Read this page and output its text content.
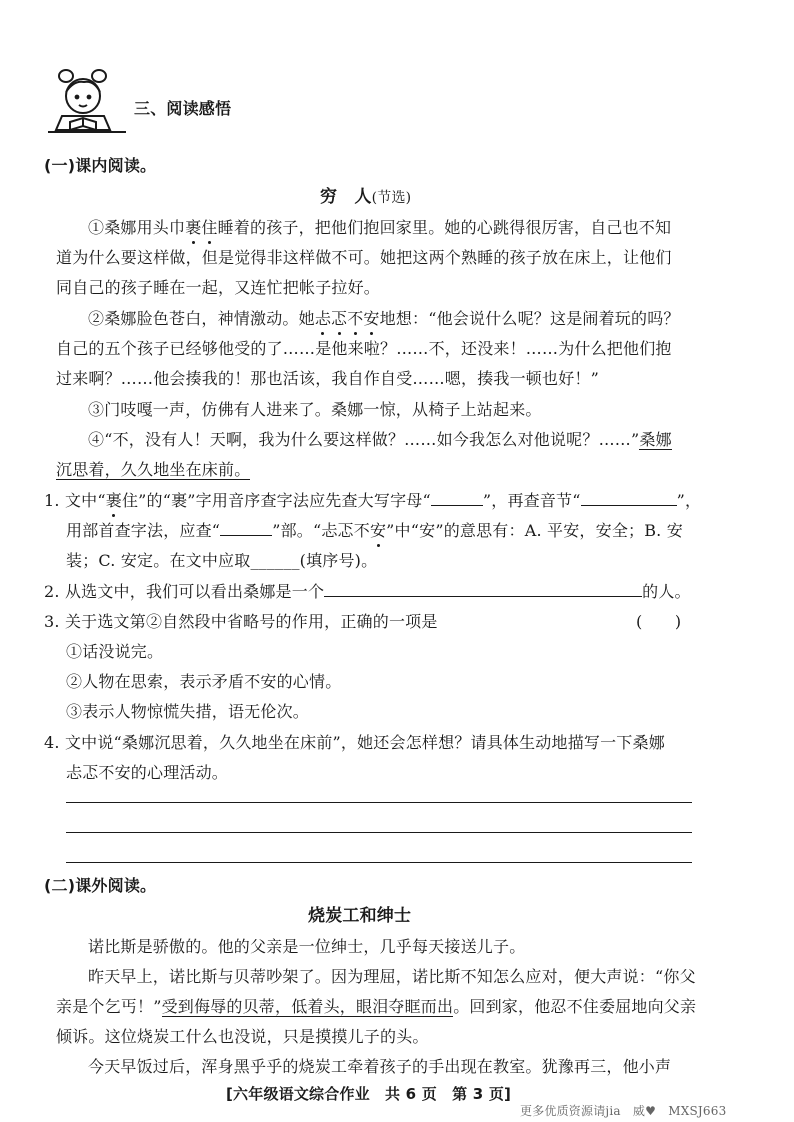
三、阅读感悟
(一)课内阅读。
穷　人(节选)
①桑娜用头巾裹住睡着的孩子，把他们抱回家里。她的心跳得很厉害，自己也不知
道为什么要这样做，但是觉得非这样做不可。她把这两个熟睡的孩子放在床上，让他们
同自己的孩子睡在一起，又连忙把帐子拉好。
②桑娜脸色苍白，神情激动。她忐忑不安地想：“他会说什么呢？这是闹着玩的吗？
自己的五个孩子已经够他受的了……是他来啦？……不，还没来！……为什么把他们抱
过来啊？……他会揍我的！那也活该，我自作自受……嗯，揍我一顿也好！”
③门吱嘎一声，仿佛有人进来了。桑娜一惊，从椅子上站起来。
④“不，没有人！天啊，我为什么要这样做？……如今我怎么对他说呢？……”桑娜
沉思着，久久地坐在床前。
1. 文中“裹住”的“裹”字用音序查字法应先查大写字母“	”，再查音节“	”，
用部首查字法，应查“	”部。“忐忑不安”中“安”的意思有：A. 平安，安全；B. 安
装；C. 安定。在文中应取______(填序号)。
2. 从选文中，我们可以看出桑娜是一个	的人。
3. 关于选文第②自然段中省略号的作用，正确的一项是	(　　)
①话没说完。
②人物在思索，表示矛盾不安的心情。
③表示人物惊慌失措，语无伦次。
4. 文中说“桑娜沉思着，久久地坐在床前”，她还会怎样想？请具体生动地描写一下桑娜
忐忑不安的心理活动。
(二)课外阅读。
烧炭工和绅士
诺比斯是骄傲的。他的父亲是一位绅士，几乎每天接送儿子。
昨天早上，诺比斯与贝蒂吵架了。因为理屈，诺比斯不知怎么应对，便大声说：“你父
亲是个乞丐！”受到侮辱的贝蒂，低着头，眼泪夺眶而出。回到家，他忍不住委屈地向父亲
倾诉。这位烧炭工什么也没说，只是摸摸儿子的头。
今天早饭过后，浑身黑乎乎的烧炭工牵着孩子的手出现在教室。犹豫再三，他小声
[六年级语文综合作业　共 6 页　第 3 页]
更多优质资源请jia　威♥　MXSJ663
